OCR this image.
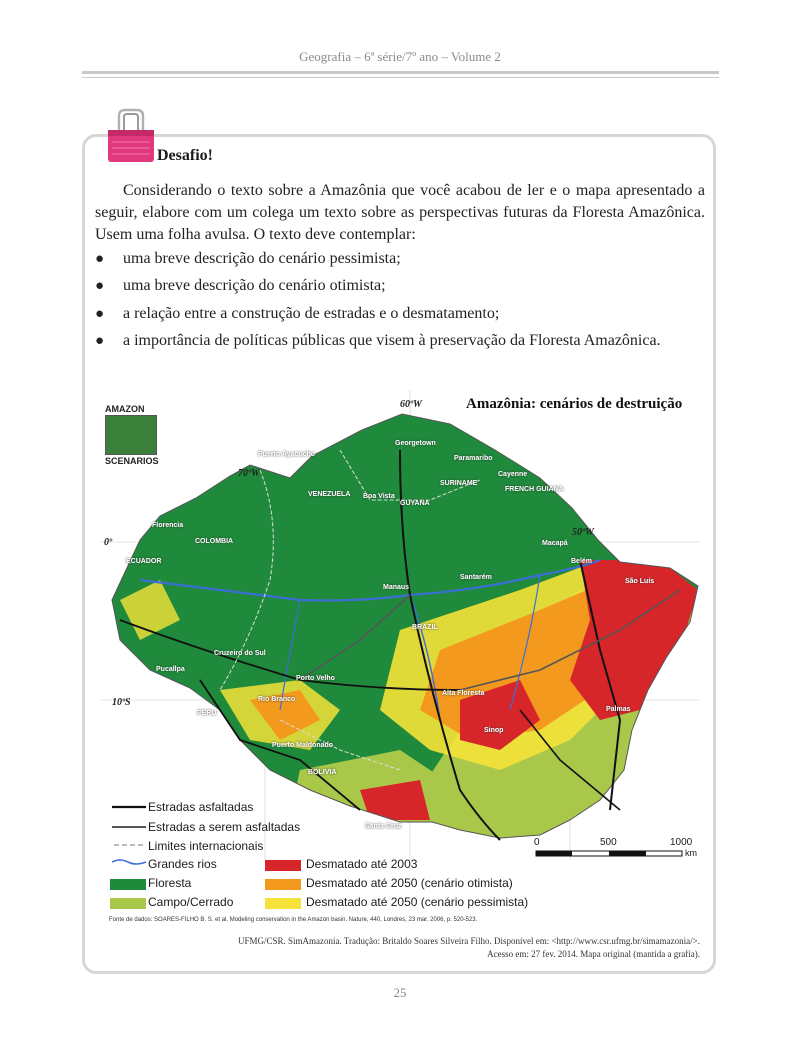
Geografia – 6ª série/7º ano – Volume 2
Desafio!
Considerando o texto sobre a Amazônia que você acabou de ler e o mapa apresentado a seguir, elabore com um colega um texto sobre as perspectivas futuras da Floresta Amazônica. Usem uma folha avulsa. O texto deve contemplar:
● uma breve descrição do cenário pessimista;
● uma breve descrição do cenário otimista;
● a relação entre a construção de estradas e o desmatamento;
● a importância de políticas públicas que visem à preservação da Floresta Amazônica.
AMAZON
SCENARIOS
Amazônia: cenários de destruição
60ºW
70ºW
50ºW
0º
10ºS
Georgetown
Paramaribo
Cayenne
SURINAME
FRENCH GUIANA
GUYANA
VENEZUELA Boa Vista
Puerto Ayacucho
Florencia
COLOMBIA
ECUADOR
Macapá
Belém
São Luís
Manaus
Santarém
BRAZIL
Cruzeiro do Sul
Pucallpa
Porto Velho
Rio Branco
PERU
Alta Floresta
Sinop
Palmas
Puerto Maldonado
BOLIVIA
Santa Cruz
0	500	1000
km
Estradas asfaltadas
Estradas a serem asfaltadas
Limites internacionais
Grandes rios
Floresta
Campo/Cerrado
Desmatado até 2003
Desmatado até 2050 (cenário otimista)
Desmatado até 2050 (cenário pessimista)
Fonte de dados: SOARES-FILHO B. S. et al. Modeling conservation in the Amazon basin. Nature, 440, Londres, 23 mar. 2006, p. 520-523.
UFMG/CSR. SimAmazonia. Tradução: Britaldo Soares Silveira Filho. Disponível em: <http://www.csr.ufmg.br/simamazonia/>.
Acesso em: 27 fev. 2014. Mapa original (mantida a grafia).
25
